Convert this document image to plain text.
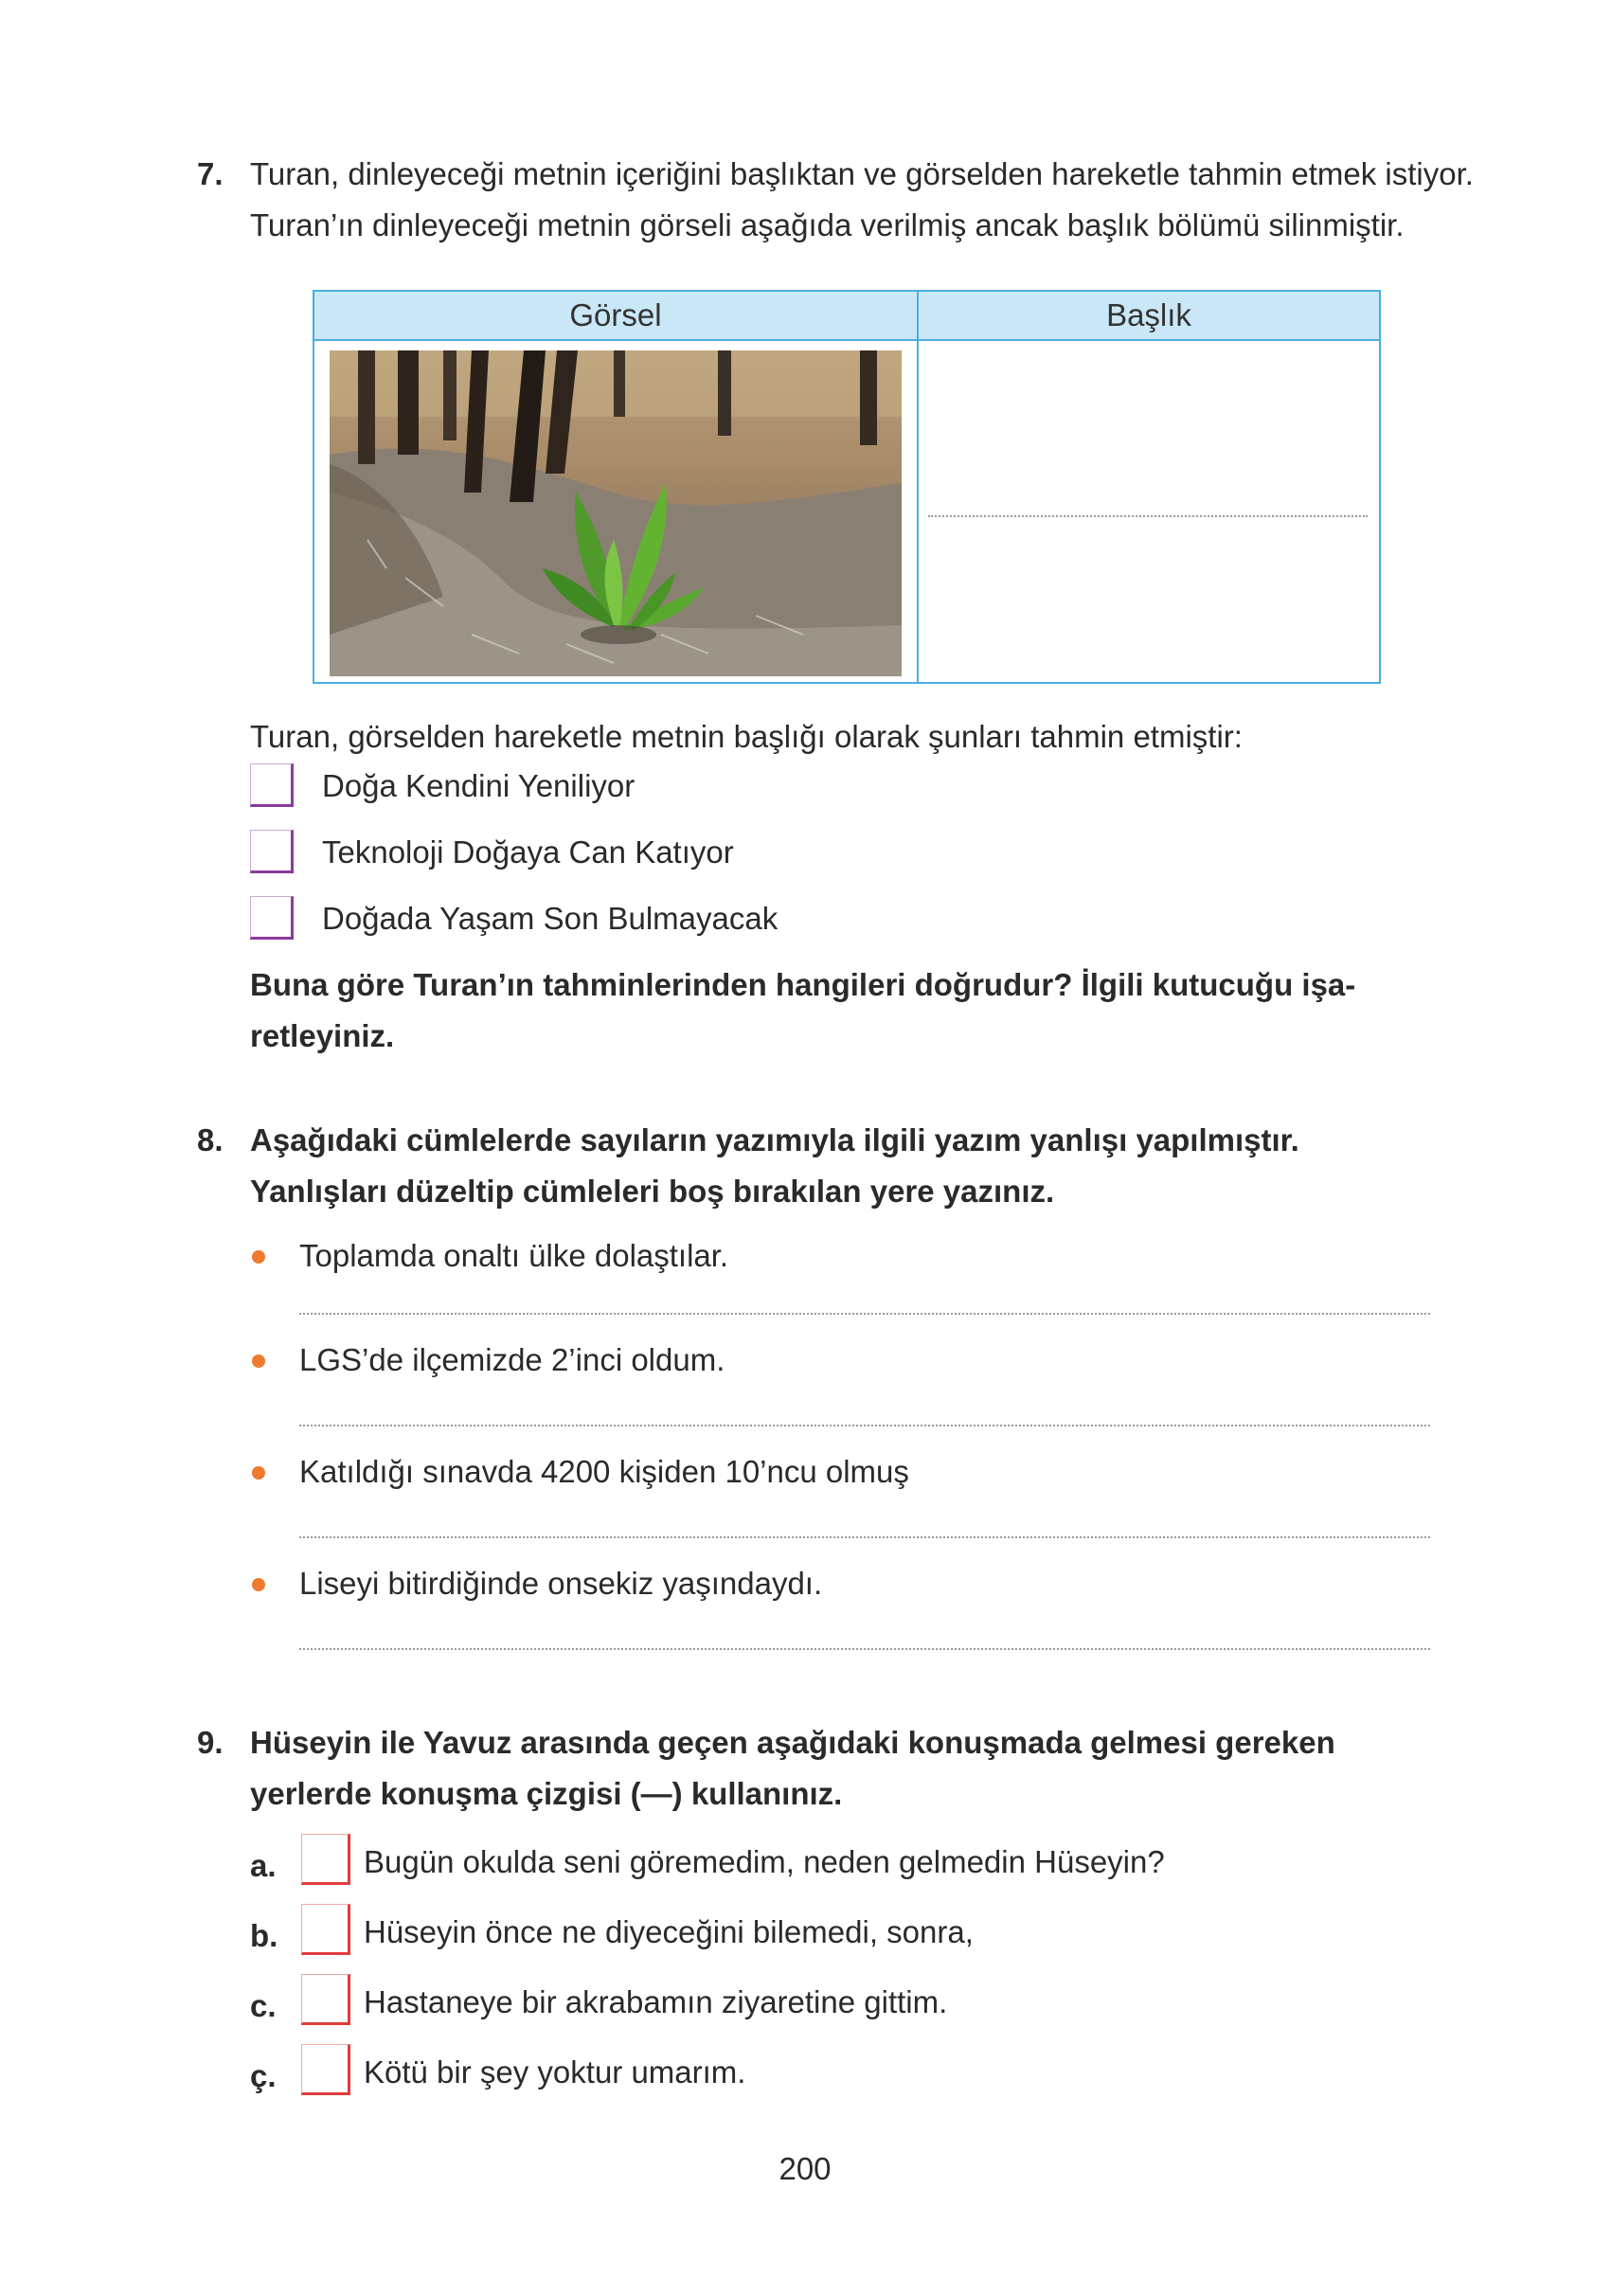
7. Turan, dinleyeceği metnin içeriğini başlıktan ve görselden hareketle tahmin etmek istiyor.
Turan’ın dinleyeceği metnin görseli aşağıda verilmiş ancak başlık bölümü silinmiştir.
Görsel	Başlık
Turan, görselden hareketle metnin başlığı olarak şunları tahmin etmiştir:
Doğa Kendini Yeniliyor
Teknoloji Doğaya Can Katıyor
Doğada Yaşam Son Bulmayacak
Buna göre Turan’ın tahminlerinden hangileri doğrudur? İlgili kutucuğu işa-
retleyiniz.
8. Aşağıdaki cümlelerde sayıların yazımıyla ilgili yazım yanlışı yapılmıştır.
Yanlışları düzeltip cümleleri boş bırakılan yere yazınız.
Toplamda onaltı ülke dolaştılar.
LGS’de ilçemizde 2’inci oldum.
Katıldığı sınavda 4200 kişiden 10’ncu olmuş
Liseyi bitirdiğinde onsekiz yaşındaydı.
9. Hüseyin ile Yavuz arasında geçen aşağıdaki konuşmada gelmesi gereken
yerlerde konuşma çizgisi (—) kullanınız.
a.	Bugün okulda seni göremedim, neden gelmedin Hüseyin?
b.	Hüseyin önce ne diyeceğini bilemedi, sonra,
c.	Hastaneye bir akrabamın ziyaretine gittim.
ç.	Kötü bir şey yoktur umarım.
200
